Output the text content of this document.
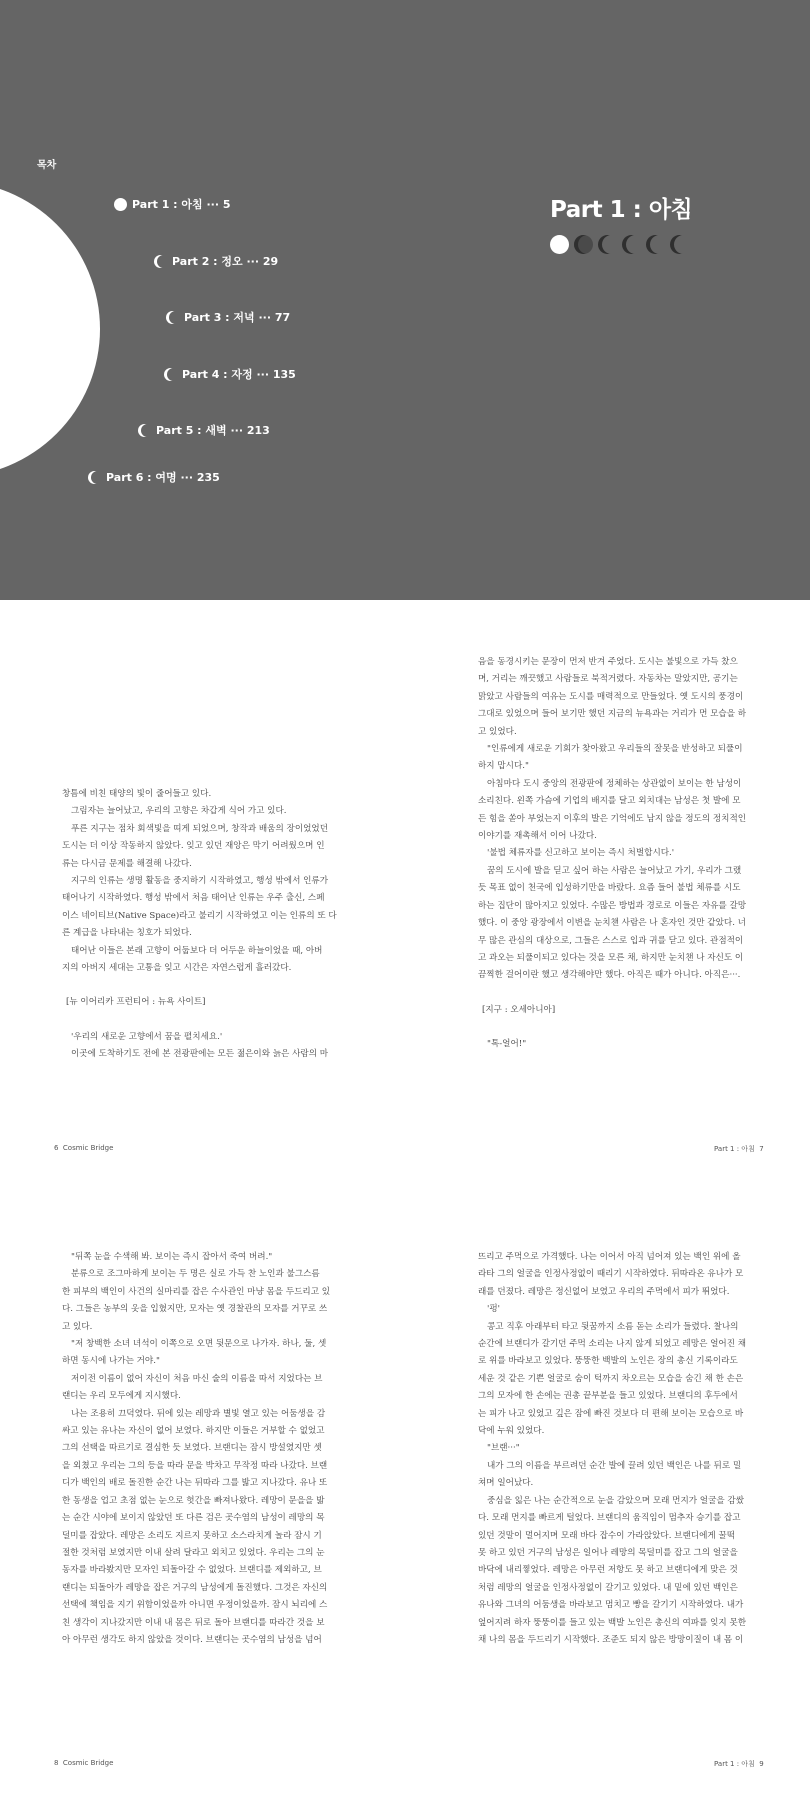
목차
Part 1 : 아침 ··· 5
Part 2 : 정오 ··· 29
Part 3 : 저녁 ··· 77
Part 4 : 자정 ··· 135
Part 5 : 새벽 ··· 213
Part 6 : 여명 ··· 235
Part 1 : 아침

창틈에 비친 태양의 빛이 줄어들고 있다.

그림자는 늘어났고, 우리의 고향은 차갑게 식어 가고 있다.

푸른 지구는 점차 회색빛을 띠게 되었으며, 창작과 배움의 장이었었던

도시는 더 이상 작동하지 않았다. 잊고 있던 재앙은 막기 어려웠으며 인

류는 다시금 문제를 해결해 나갔다.

지구의 인류는 생명 활동을 중지하기 시작하였고, 행성 밖에서 인류가

태어나기 시작하였다. 행성 밖에서 처음 태어난 인류는 우주 출신, 스페

이스 네이티브(Native Space)라고 불리기 시작하였고 이는 인류의 또 다

른 계급을 나타내는 칭호가 되었다.

태어난 이들은 본래 고향이 어둡보다 더 어두운 하늘이었을 때, 아버

지의 아버지 세대는 고통을 잊고 시간은 자연스럽게 흘러갔다.

[뉴 이어리카 프런티어 : 뉴욕 사이트]

'우리의 새로운 고향에서 꿈을 펼치세요.'

이곳에 도착하기도 전에 본 전광판에는 모든 젊은이와 늙은 사람의 마

6 Cosmic Bridge

음을 동경시키는 문장이 먼저 반겨 주었다. 도시는 불빛으로 가득 찼으

며, 거리는 깨끗했고 사람들로 북적거렸다. 자동차는 말았지만, 공기는

맑았고 사람들의 여유는 도시를 매력적으로 만들었다. 옛 도시의 풍경이

그대로 있었으며 들어 보기만 했던 지금의 뉴욕과는 거리가 먼 모습을 하

고 있었다.

"인류에게 새로운 기회가 찾아왔고 우리들의 잘못을 반성하고 되풀이

하지 맙시다."

아침마다 도시 중앙의 전광판에 정체하는 상관없이 보이는 한 남성이

소리친다. 왼쪽 가슴에 기업의 배지를 달고 외치대는 남성은 첫 발에 모

든 힘을 쏟아 부었는지 이후의 발은 기억에도 남지 않을 정도의 정치적인

이야기를 재촉해서 이어 나갔다.

'불법 체류자를 신고하고 보이는 즉시 처벌합시다.'

꿈의 도시에 발을 딛고 싶어 하는 사람은 늘어났고 가기, 우리가 그랬

듯 목표 없이 천국에 입성하기만을 바랐다. 요즘 들어 불법 체류를 시도

하는 집단이 많아지고 있었다. 수많은 방법과 경로로 이들은 자유를 갈망

했다. 이 중앙 광장에서 이변을 눈치챈 사람은 나 혼자인 것만 같았다. 너

무 많은 관심의 대상으로, 그들은 스스로 입과 귀를 닫고 있다. 관점적이

고 과오는 되풀이되고 있다는 것을 모른 채, 하지만 눈치챈 나 자신도 이

끔찍한 걸어이란 했고 생각해야만 했다. 아직은 때가 아니다. 아직은···.

[지구 : 오세아니아]

"톡-얼어!"

Part 1 : 아침 7

"뒤쪽 눈을 수색해 봐. 보이는 즉시 잡아서 죽여 버려."

분류으로 조그마하게 보이는 두 명은 실로 가득 찬 노인과 불그스름

한 피부의 백인이 사건의 실마리를 잡은 수사관인 마냥 몸을 두드리고 있

다. 그들은 농부의 옷을 입혔지만, 모자는 옛 경찰관의 모자를 거꾸로 쓰

고 있다.

"저 창백한 소녀 녀석이 이쪽으로 오면 뒷문으로 나가자. 하나, 둘, 셋

하면 동시에 나가는 거야."

저이전 이름이 없어 자신이 처음 마신 술의 이름을 따서 지었다는 브

랜디는 우리 모두에게 지시했다.

나는 조용히 끄덕였다. 뒤에 있는 레망과 별빛 열고 있는 어둠생을 감

싸고 있는 유나는 자신이 없어 보였다. 하지만 이들은 거부할 수 없었고

그의 선택을 따르기로 결심한 듯 보였다. 브랜디는 잠시 방설였지만 셋

을 외쳤고 우리는 그의 등을 따라 문을 박차고 무작정 따라 나갔다. 브랜

디가 백인의 배로 돌진한 순간 나는 뒤따라 그를 밟고 지나갔다. 유나 또

한 동생을 업고 초점 없는 눈으로 헛간을 빠져나왔다. 레망이 문을을 밟

는 순간 시야에 보이지 않았던 또 다른 검은 곳수염의 남성이 레망의 목

덜미를 잡았다. 레망은 소리도 지르지 못하고 소스라치게 놀라 잠시 기

절한 것처럼 보였지만 이내 살려 달라고 외치고 있었다. 우리는 그의 눈

동자를 바라봤지만 모자인 되돌아갈 수 없었다. 브랜디를 제외하고, 브

랜디는 되돌아가 레망을 잡은 거구의 남성에게 돌진했다. 그것은 자신의

선택에 책임을 지기 위함이었을까 아니면 우정이었을까. 잠시 뇌리에 스

친 생각이 지나갔지만 이내 내 몸은 뒤로 돌아 브랜디를 따라간 것을 보

아 아무런 생각도 하지 않았을 것이다. 브랜디는 곳수염의 남성을 넘어

8 Cosmic Bridge

뜨리고 주먹으로 가격했다. 나는 이어서 아직 넘어져 있는 백인 위에 올

라타 그의 얼굴을 인정사정없이 때리기 시작하였다. 뒤따라온 유나가 모

래를 던졌다. 레망은 정신없어 보였고 우리의 주먹에서 피가 뛰었다.

'펑'

콩고 직후 아래부터 타고 뒷꿈까지 소름 돋는 소리가 들렸다. 찰나의

순간에 브랜디가 갈기던 주먹 소리는 나지 않게 되었고 레망은 얼어진 채

로 위를 바라보고 있었다. 뚱뚱한 백발의 노인은 장의 총신 기록이라도

세운 것 같은 기쁜 얼굴로 숨이 턱까지 차오르는 모습을 숨긴 채 한 손은

그의 모자에 한 손에는 권총 끝부분을 들고 있었다. 브랜디의 후두에서

는 피가 나고 있었고 깊은 잠에 빠진 것보다 더 편해 보이는 모습으로 바

닥에 누워 있었다.

"브랜···"

내가 그의 이름을 부르려던 순간 발에 끌려 있던 백인은 나를 뒤로 밀

쳐며 일어났다.

중심을 잃은 나는 순간적으로 눈을 감았으며 모래 먼지가 얼굴을 감쌌

다. 모래 먼지를 빠르게 털었다. 브랜디의 움직임이 멈추자 승기를 잡고

있던 것말이 멀어지며 모래 바다 잡수이 가라앉았다. 브랜디에게 꿀떡

못 하고 있던 거구의 남성은 일어나 레망의 목덜미를 잡고 그의 얼굴을

바닥에 내리찧었다. 레망은 아무런 저항도 못 하고 브랜디에게 맞은 것

처럼 레망의 얼굴을 인정사정없이 갈기고 있었다. 내 밑에 있던 백인은

유나와 그녀의 어둠생을 바라보고 멈치고 빵을 갈기기 시작하였다. 내가

엎어지려 하자 뚱뚱이를 들고 있는 백발 노인은 총신의 여파를 잊지 못한

채 나의 몸을 두드리기 시작했다. 조준도 되지 않은 방망이질이 내 몸 이

Part 1 : 아침 9
